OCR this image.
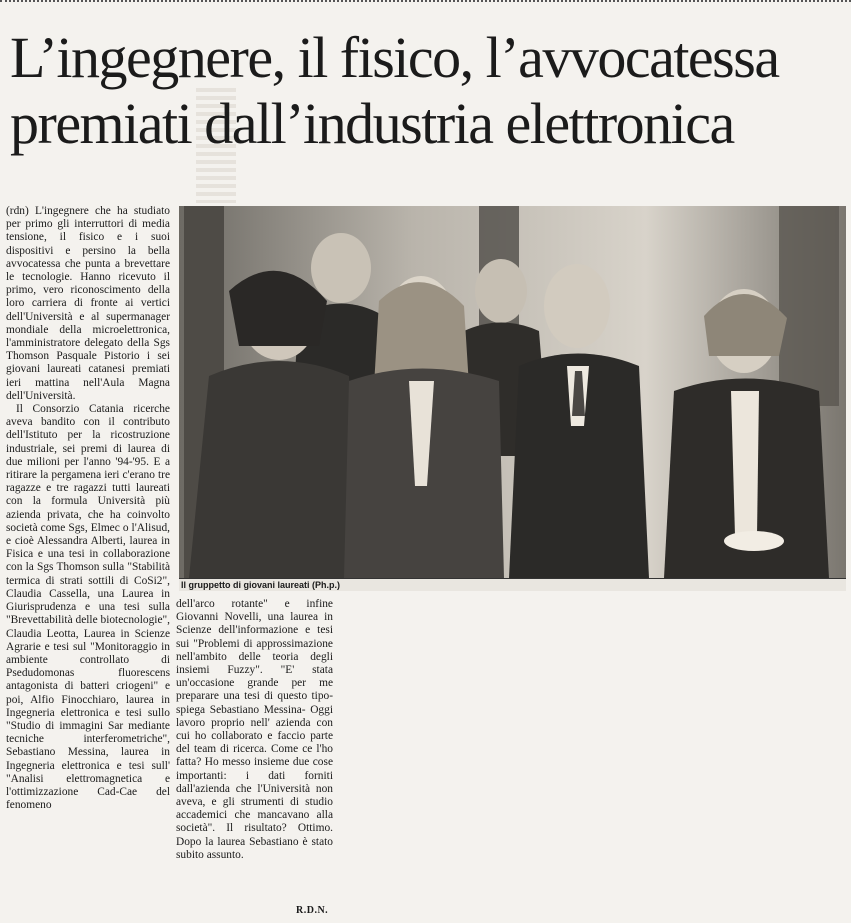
L’ingegnere, il fisico, l’avvocatessa
premiati dall’industria elettronica

(rdn) L'ingegnere che ha studiato per primo gli interruttori di media tensione, il fisico e i suoi dispositivi e persino la bella avvocatessa che punta a brevettare le tecnologie. Hanno ricevuto il primo, vero riconoscimento della loro carriera di fronte ai vertici dell'Università e al supermanager mondiale della microelettronica, l'amministratore delegato della Sgs Thomson Pasquale Pistorio i sei giovani laureati catanesi premiati ieri mattina nell'Aula Magna dell'Università.

Il Consorzio Catania ricerche aveva bandito con il contributo dell'Istituto per la ricostruzione industriale, sei premi di laurea di due milioni per l'anno '94-'95. E a ritirare la pergamena ieri c'erano tre ragazze e tre ragazzi tutti laureati con la formula Università più azienda privata, che ha coinvolto società come Sgs, Elmec o l'Alisud, e cioè Alessandra Alberti, laurea in Fisica e una tesi in collaborazione con la Sgs Thomson sulla "Stabilità termica di strati sottili di CoSi2", Claudia Cassella, una Laurea in Giurisprudenza e una tesi sulla "Brevettabilità delle biotecnologie", Claudia Leotta, Laurea in Scienze Agrarie e tesi sul "Monitoraggio in ambiente controllato di Psedudomonas fluorescens antagonista di batteri criogeni" e poi, Alfio Finocchiaro, laurea in Ingegneria elettronica e tesi sullo "Studio di immagini Sar mediante tecniche interferometriche", Sebastiano Messina, laurea in Ingegneria elettronica e tesi sull' "Analisi elettromagnetica e l'ottimizzazione Cad-Cae del fenomeno

Il gruppetto di giovani laureati (Ph.p.)

dell'arco rotante" e infine Giovanni Novelli, una laurea in Scienze dell'informazione e tesi sui "Problemi di approssimazione nell'ambito delle teoria degli insiemi Fuzzy". "E' stata un'occasione grande per me preparare una tesi di questo tipo- spiega Sebastiano Messina- Oggi lavoro proprio nell' azienda con cui ho collaborato e faccio parte del team di ricerca. Come ce l'ho fatta? Ho messo insieme due cose importanti: i dati forniti dall'azienda che l'Università non aveva, e gli strumenti di studio accademici che mancavano alla società". Il risultato? Ottimo. Dopo la laurea Sebastiano è stato subito assunto.

R.D.N.
